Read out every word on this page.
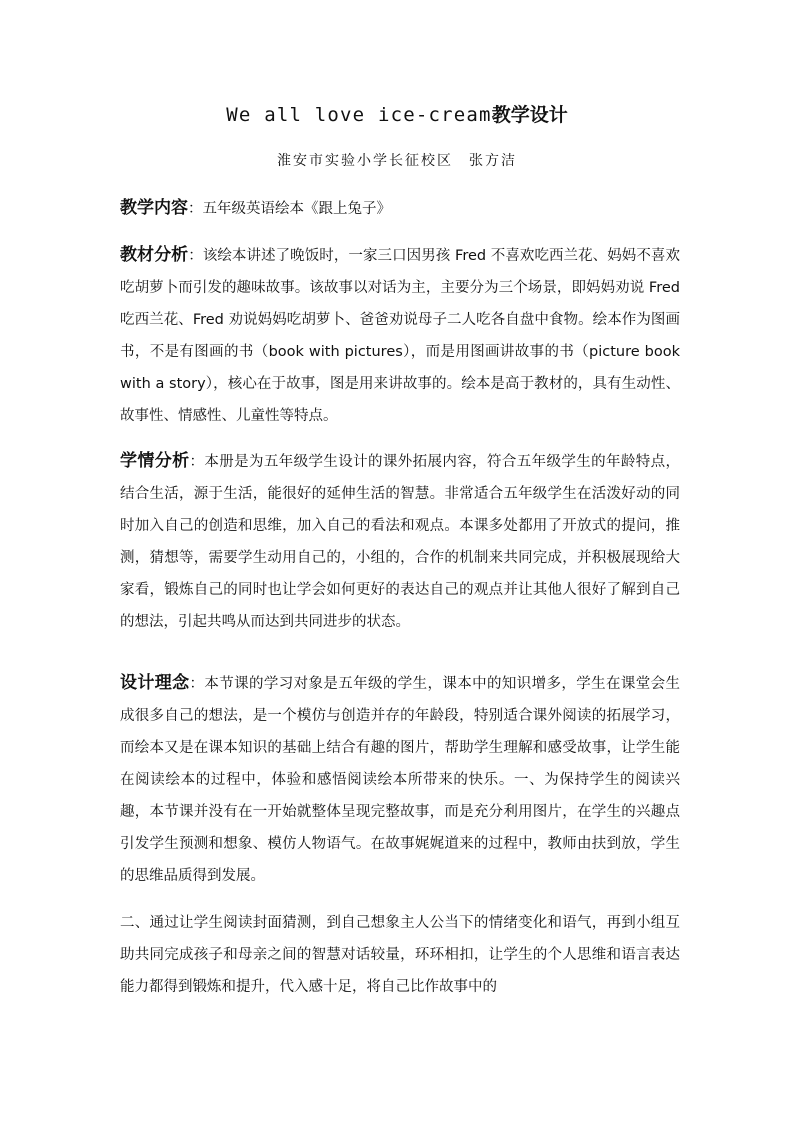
We all love ice-cream教学设计
淮安市实验小学长征校区 张方洁

教学内容：五年级英语绘本《跟上兔子》

教材分析：该绘本讲述了晚饭时，一家三口因男孩 Fred 不喜欢吃西兰花、妈妈不喜欢吃胡萝卜而引发的趣味故事。该故事以对话为主，主要分为三个场景，即妈妈劝说 Fred 吃西兰花、Fred 劝说妈妈吃胡萝卜、爸爸劝说母子二人吃各自盘中食物。绘本作为图画书，不是有图画的书（book with pictures），而是用图画讲故事的书（picture book with a story），核心在于故事，图是用来讲故事的。绘本是高于教材的，具有生动性、故事性、情感性、儿童性等特点。

学情分析：本册是为五年级学生设计的课外拓展内容，符合五年级学生的年龄特点，结合生活，源于生活，能很好的延伸生活的智慧。非常适合五年级学生在活泼好动的同时加入自己的创造和思维，加入自己的看法和观点。本课多处都用了开放式的提问，推测，猜想等，需要学生动用自己的，小组的，合作的机制来共同完成，并积极展现给大家看，锻炼自己的同时也让学会如何更好的表达自己的观点并让其他人很好了解到自己的想法，引起共鸣从而达到共同进步的状态。

设计理念：本节课的学习对象是五年级的学生，课本中的知识增多，学生在课堂会生成很多自己的想法，是一个模仿与创造并存的年龄段，特别适合课外阅读的拓展学习，而绘本又是在课本知识的基础上结合有趣的图片，帮助学生理解和感受故事，让学生能在阅读绘本的过程中，体验和感悟阅读绘本所带来的快乐。一、为保持学生的阅读兴趣，本节课并没有在一开始就整体呈现完整故事，而是充分利用图片，在学生的兴趣点引发学生预测和想象、模仿人物语气。在故事娓娓道来的过程中，教师由扶到放，学生的思维品质得到发展。

二、通过让学生阅读封面猜测，到自己想象主人公当下的情绪变化和语气，再到小组互助共同完成孩子和母亲之间的智慧对话较量，环环相扣，让学生的个人思维和语言表达能力都得到锻炼和提升，代入感十足，将自己比作故事中的
